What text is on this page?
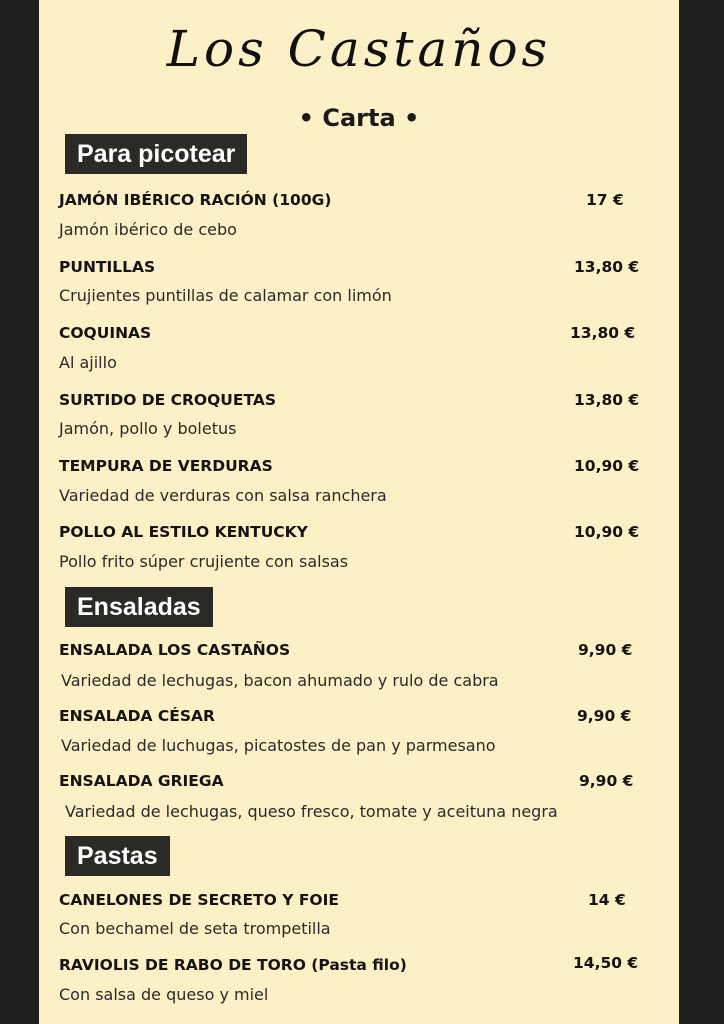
Los Castaños
• Carta •
Para picotear
JAMÓN IBÉRICO RACIÓN (100G)	17 €
Jamón ibérico de cebo
PUNTILLAS	13,80 €
Crujientes puntillas de calamar con limón
COQUINAS	13,80 €
Al ajillo
SURTIDO DE CROQUETAS	13,80 €
Jamón, pollo y boletus
TEMPURA DE VERDURAS	10,90 €
Variedad de verduras con salsa ranchera
POLLO AL ESTILO KENTUCKY	10,90 €
Pollo frito súper crujiente con salsas
Ensaladas
ENSALADA LOS CASTAÑOS	9,90 €
Variedad de lechugas, bacon ahumado y rulo de cabra
ENSALADA CÉSAR	9,90 €
Variedad de luchugas, picatostes de pan y parmesano
ENSALADA GRIEGA	9,90 €
Variedad de lechugas, queso fresco, tomate y aceituna negra
Pastas
CANELONES DE SECRETO Y FOIE	14 €
Con bechamel de seta trompetilla
RAVIOLIS DE RABO DE TORO (Pasta filo)	14,50 €
Con salsa de queso y miel
